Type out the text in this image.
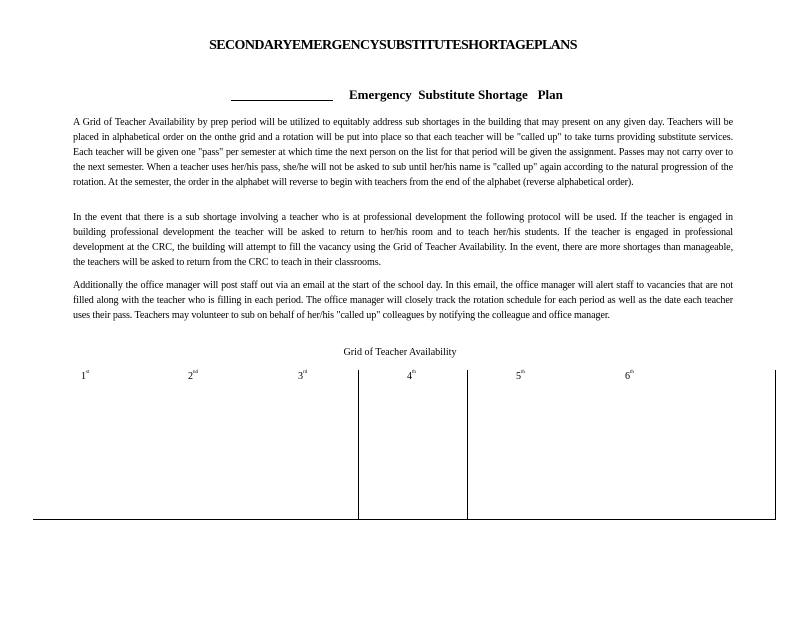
SECONDARYEMERGENCYSUBSTITUTESHORTAGEPLANS
Emergency  Substitute Shortage   Plan
A Grid of Teacher Availability by prep period will be utilized to equitably address sub shortages in the building that may present on any given day. Teachers will be placed in alphabetical order on the onthe grid and a rotation will be put into place so that each teacher will be "called up" to take turns providing substitute services. Each teacher will be given one "pass" per semester at which time the next person on the list for that period will be given the assignment. Passes may not carry over to the next semester. When a teacher uses her/his pass, she/he will not be asked to sub until her/his name is "called up" again according to the natural progression of the rotation. At the semester, the order in the alphabet will reverse to begin with teachers from the end of the alphabet (reverse alphabetical order).
In the event that there is a sub shortage involving a teacher who is at professional development the following protocol will be used. If the teacher is engaged in building professional development the teacher will be asked to return to her/his room and to teach her/his students. If the teacher is engaged in professional development at the CRC, the building will attempt to fill the vacancy using the Grid of Teacher Availability. In the event, there are more shortages than manageable, the teachers will be asked to return from the CRC to teach in their classrooms.
Additionally the office manager will post staff out via an email at the start of the school day. In this email, the office manager will alert staff to vacancies that are not filled along with the teacher who is filling in each period. The office manager will closely track the rotation schedule for each period as well as the date each teacher uses their pass. Teachers may volunteer to sub on behalf of her/his "called up" colleagues by notifying the colleague and office manager.
Grid of Teacher Availability
1st	2nd	3rd	4th	5th	6th
